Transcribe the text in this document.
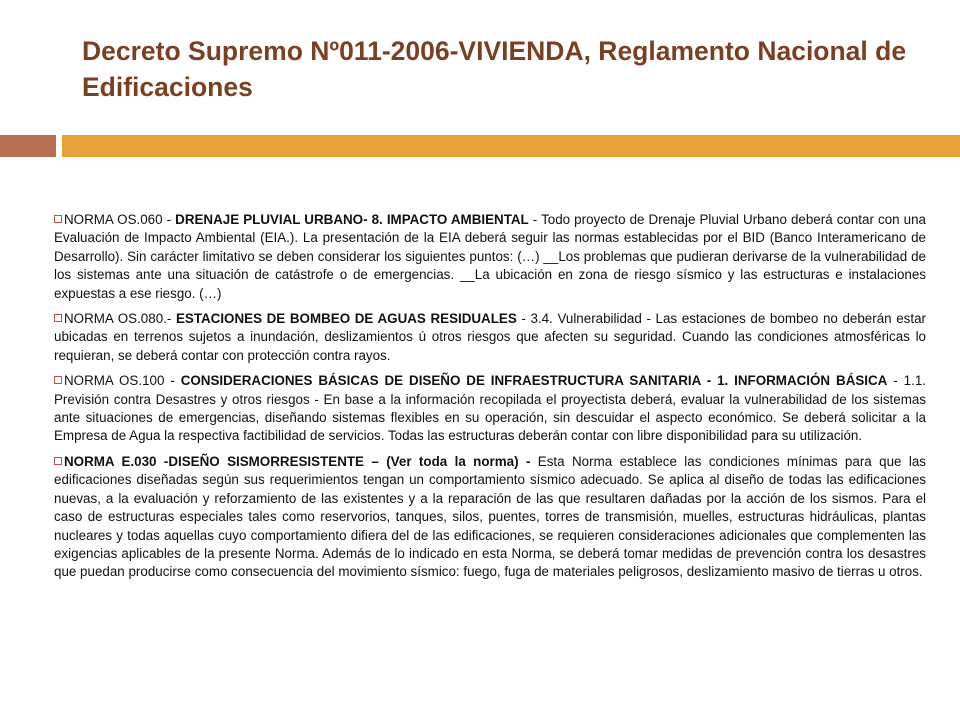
Decreto Supremo Nº011-2006-VIVIENDA, Reglamento Nacional de Edificaciones

NORMA OS.060 - DRENAJE PLUVIAL URBANO- 8. IMPACTO AMBIENTAL - Todo proyecto de Drenaje Pluvial Urbano deberá contar con una Evaluación de Impacto Ambiental (EIA.). La presentación de la EIA deberá seguir las normas establecidas por el BID (Banco Interamericano de Desarrollo). Sin carácter limitativo se deben considerar los siguientes puntos: (…) __Los problemas que pudieran derivarse de la vulnerabilidad de los sistemas ante una situación de catástrofe o de emergencias. __La ubicación en zona de riesgo sísmico y las estructuras e instalaciones expuestas a ese riesgo. (…)

NORMA OS.080.- ESTACIONES DE BOMBEO DE AGUAS RESIDUALES - 3.4. Vulnerabilidad - Las estaciones de bombeo no deberán estar ubicadas en terrenos sujetos a inundación, deslizamientos ú otros riesgos que afecten su seguridad. Cuando las condiciones atmosféricas lo requieran, se deberá contar con protección contra rayos.

NORMA OS.100 - CONSIDERACIONES BÁSICAS DE DISEÑO DE INFRAESTRUCTURA SANITARIA - 1. INFORMACIÓN BÁSICA - 1.1. Previsión contra Desastres y otros riesgos - En base a la información recopilada el proyectista deberá, evaluar la vulnerabilidad de los sistemas ante situaciones de emergencias, diseñando sistemas flexibles en su operación, sin descuidar el aspecto económico. Se deberá solicitar a la Empresa de Agua la respectiva factibilidad de servicios. Todas las estructuras deberán contar con libre disponibilidad para su utilización.

NORMA E.030 -DISEÑO SISMORRESISTENTE – (Ver toda la norma) - Esta Norma establece las condiciones mínimas para que las edificaciones diseñadas según sus requerimientos tengan un comportamiento sísmico adecuado. Se aplica al diseño de todas las edificaciones nuevas, a la evaluación y reforzamiento de las existentes y a la reparación de las que resultaren dañadas por la acción de los sismos. Para el caso de estructuras especiales tales como reservorios, tanques, silos, puentes, torres de transmisión, muelles, estructuras hidráulicas, plantas nucleares y todas aquellas cuyo comportamiento difiera del de las edificaciones, se requieren consideraciones adicionales que complementen las exigencias aplicables de la presente Norma. Además de lo indicado en esta Norma, se deberá tomar medidas de prevención contra los desastres que puedan producirse como consecuencia del movimiento sísmico: fuego, fuga de materiales peligrosos, deslizamiento masivo de tierras u otros.
